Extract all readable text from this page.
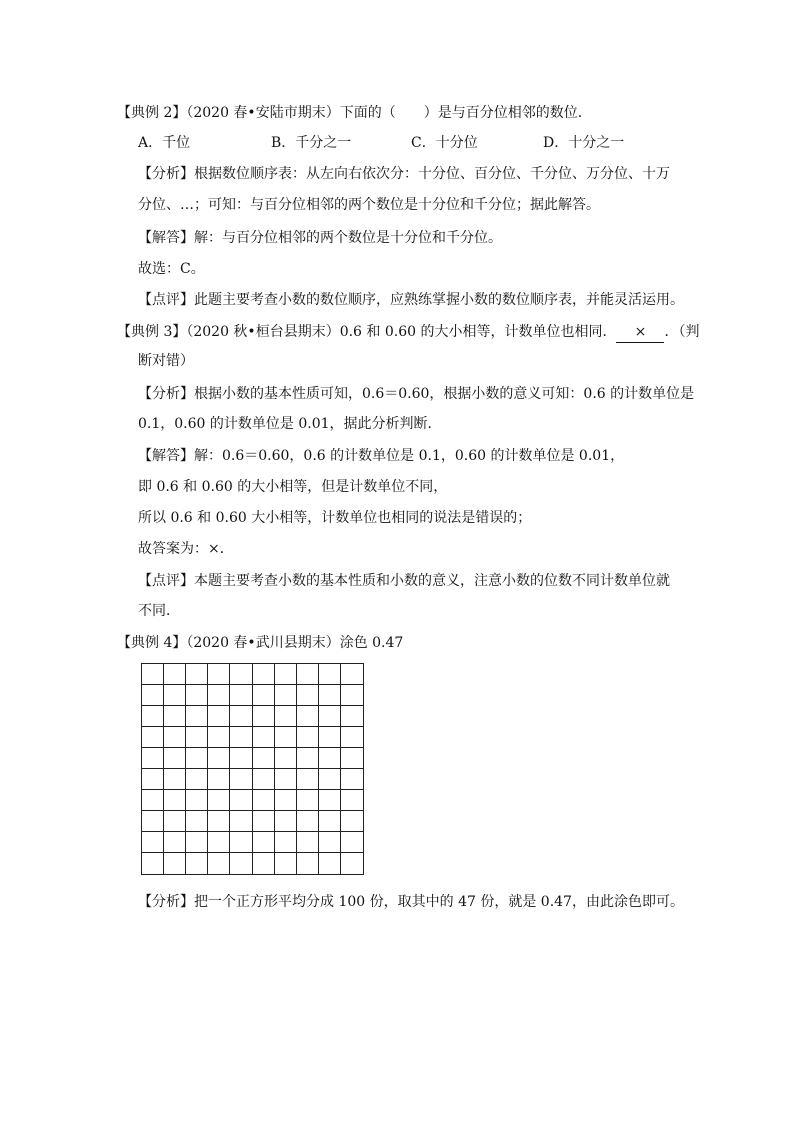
【典例 2】（2020 春•安陆市期末）下面的（　　）是与百分位相邻的数位．
A．千位	B．千分之一	C．十分位	D．十分之一
【分析】根据数位顺序表：从左向右依次分：十分位、百分位、千分位、万分位、十万
分位、…；可知：与百分位相邻的两个数位是十分位和千分位；据此解答。
【解答】解：与百分位相邻的两个数位是十分位和千分位。
故选：C。
【点评】此题主要考查小数的数位顺序，应熟练掌握小数的数位顺序表，并能灵活运用。
【典例 3】（2020 秋•桓台县期末）0.6 和 0.60 的大小相等，计数单位也相同． × ．（判
断对错）
【分析】根据小数的基本性质可知，0.6＝0.60，根据小数的意义可知：0.6 的计数单位是
0.1，0.60 的计数单位是 0.01，据此分析判断．
【解答】解：0.6＝0.60，0.6 的计数单位是 0.1，0.60 的计数单位是 0.01，
即 0.6 和 0.60 的大小相等，但是计数单位不同，
所以 0.6 和 0.60 大小相等，计数单位也相同的说法是错误的；
故答案为：×．
【点评】本题主要考查小数的基本性质和小数的意义，注意小数的位数不同计数单位就
不同．
【典例 4】（2020 春•武川县期末）涂色 0.47
【分析】把一个正方形平均分成 100 份，取其中的 47 份，就是 0.47，由此涂色即可。
